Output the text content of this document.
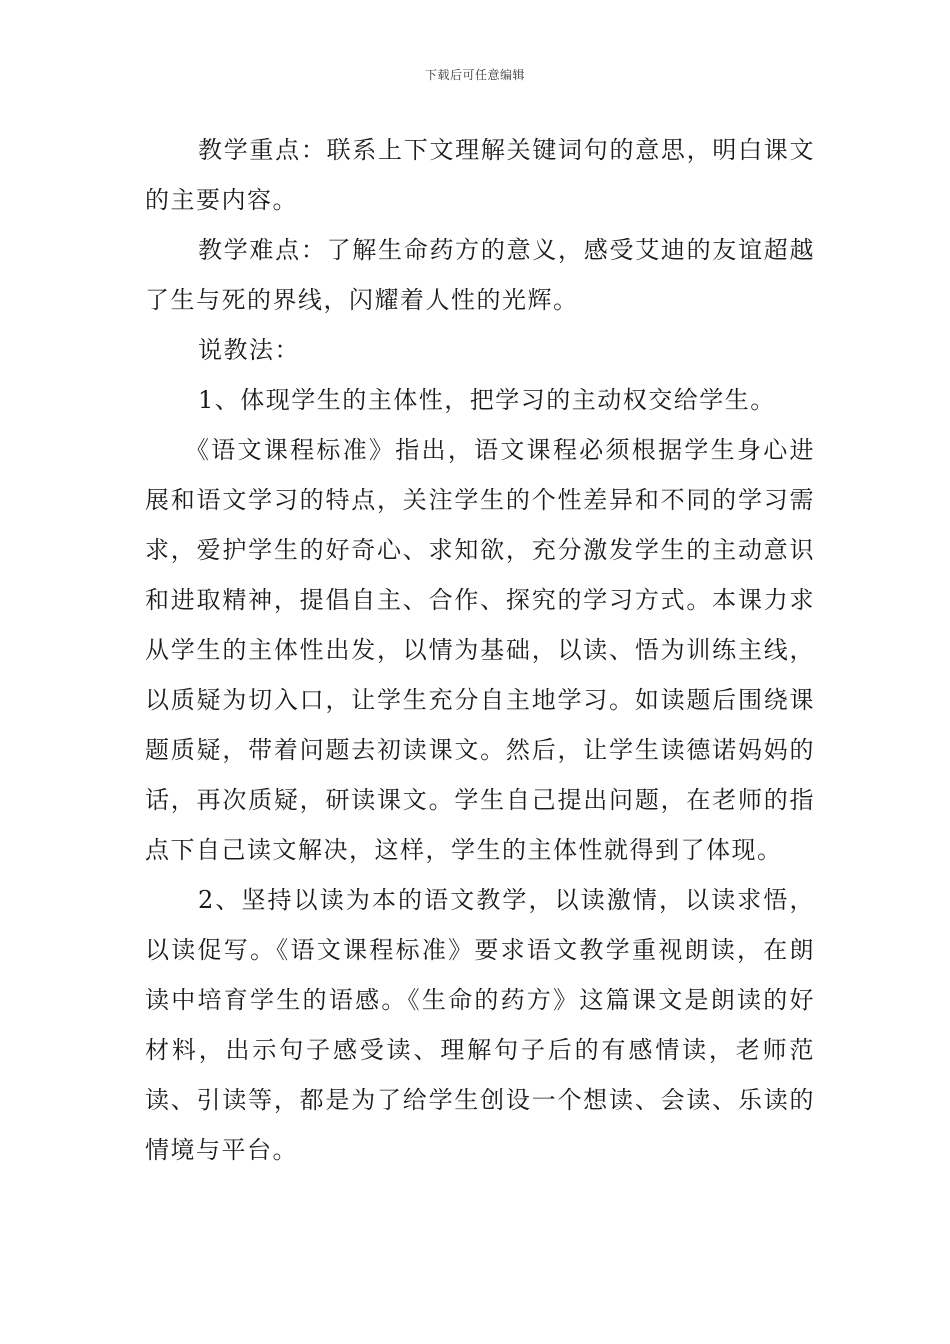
下载后可任意编辑

教学重点：联系上下文理解关键词句的意思，明白课文的主要内容。

教学难点：了解生命药方的意义，感受艾迪的友谊超越了生与死的界线，闪耀着人性的光辉。

说教法：

1、体现学生的主体性，把学习的主动权交给学生。

《语文课程标准》指出，语文课程必须根据学生身心进展和语文学习的特点，关注学生的个性差异和不同的学习需求，爱护学生的好奇心、求知欲，充分激发学生的主动意识和进取精神，提倡自主、合作、探究的学习方式。本课力求从学生的主体性出发，以情为基础，以读、悟为训练主线，以质疑为切入口，让学生充分自主地学习。如读题后围绕课题质疑，带着问题去初读课文。然后，让学生读德诺妈妈的话，再次质疑，研读课文。学生自己提出问题，在老师的指点下自己读文解决，这样，学生的主体性就得到了体现。

2、坚持以读为本的语文教学，以读激情，以读求悟，以读促写。《语文课程标准》要求语文教学重视朗读，在朗读中培育学生的语感。《生命的药方》这篇课文是朗读的好材料，出示句子感受读、理解句子后的有感情读，老师范读、引读等，都是为了给学生创设一个想读、会读、乐读的情境与平台。
